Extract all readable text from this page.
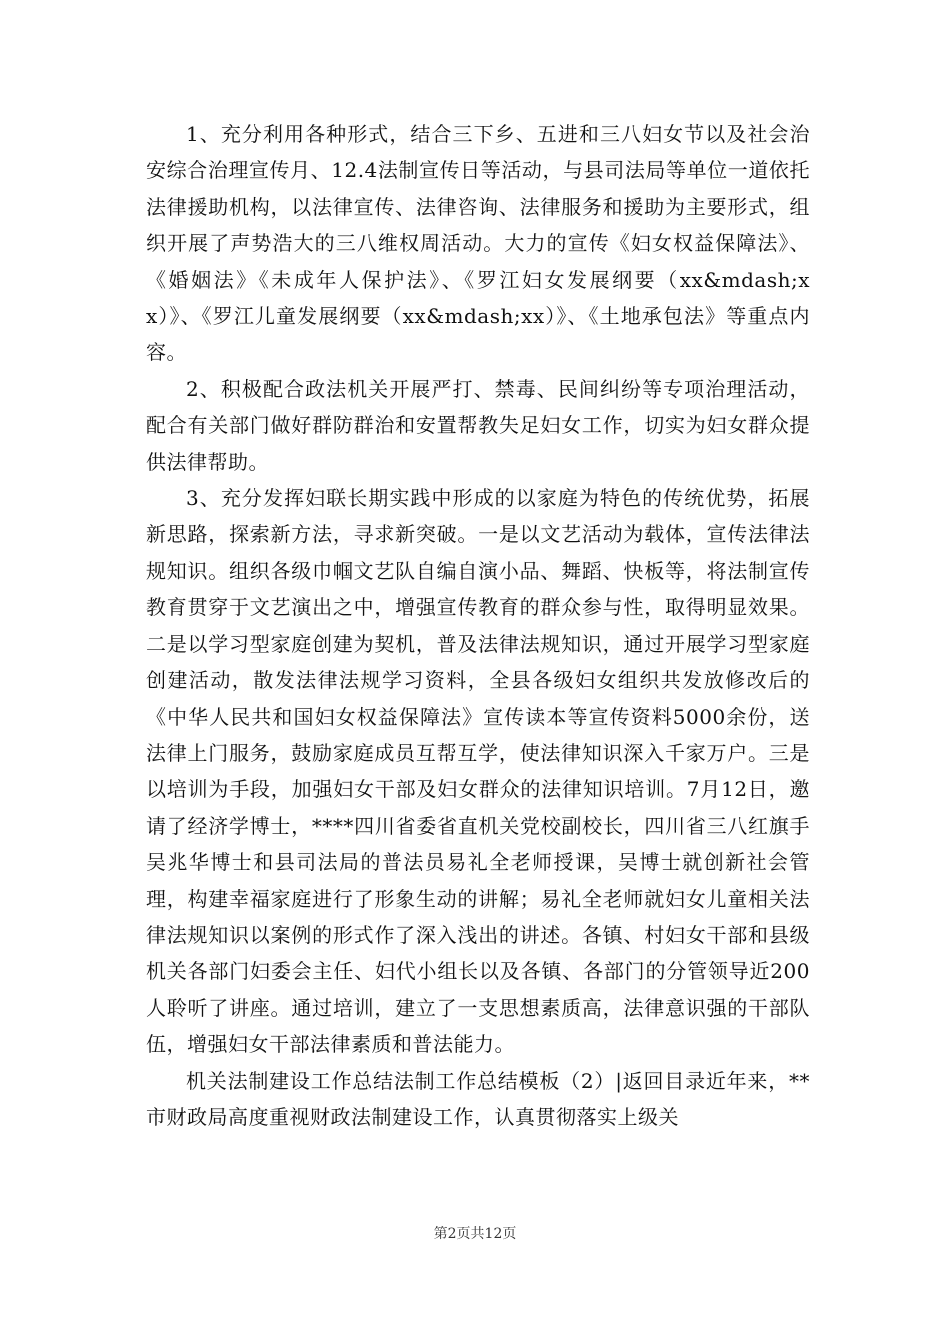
1、充分利用各种形式，结合三下乡、五进和三八妇女节以及社会治安综合治理宣传月、12.4法制宣传日等活动，与县司法局等单位一道依托法律援助机构，以法律宣传、法律咨询、法律服务和援助为主要形式，组织开展了声势浩大的三八维权周活动。大力的宣传《妇女权益保障法》、《婚姻法》《未成年人保护法》、《罗江妇女发展纲要（xx&mdash;xx）》、《罗江儿童发展纲要（xx&mdash;xx）》、《土地承包法》等重点内容。

2、积极配合政法机关开展严打、禁毒、民间纠纷等专项治理活动，配合有关部门做好群防群治和安置帮教失足妇女工作，切实为妇女群众提供法律帮助。

3、充分发挥妇联长期实践中形成的以家庭为特色的传统优势，拓展新思路，探索新方法，寻求新突破。一是以文艺活动为载体，宣传法律法规知识。组织各级巾帼文艺队自编自演小品、舞蹈、快板等，将法制宣传教育贯穿于文艺演出之中，增强宣传教育的群众参与性，取得明显效果。二是以学习型家庭创建为契机，普及法律法规知识，通过开展学习型家庭创建活动，散发法律法规学习资料，全县各级妇女组织共发放修改后的《中华人民共和国妇女权益保障法》宣传读本等宣传资料5000余份，送法律上门服务，鼓励家庭成员互帮互学，使法律知识深入千家万户。三是以培训为手段，加强妇女干部及妇女群众的法律知识培训。7月12日，邀请了经济学博士，****四川省委省直机关党校副校长，四川省三八红旗手吴兆华博士和县司法局的普法员易礼全老师授课，吴博士就创新社会管理，构建幸福家庭进行了形象生动的讲解；易礼全老师就妇女儿童相关法律法规知识以案例的形式作了深入浅出的讲述。各镇、村妇女干部和县级机关各部门妇委会主任、妇代小组长以及各镇、各部门的分管领导近200人聆听了讲座。通过培训，建立了一支思想素质高，法律意识强的干部队伍，增强妇女干部法律素质和普法能力。

机关法制建设工作总结法制工作总结模板（2）|返回目录近年来，**市财政局高度重视财政法制建设工作，认真贯彻落实上级关

第2页共12页
